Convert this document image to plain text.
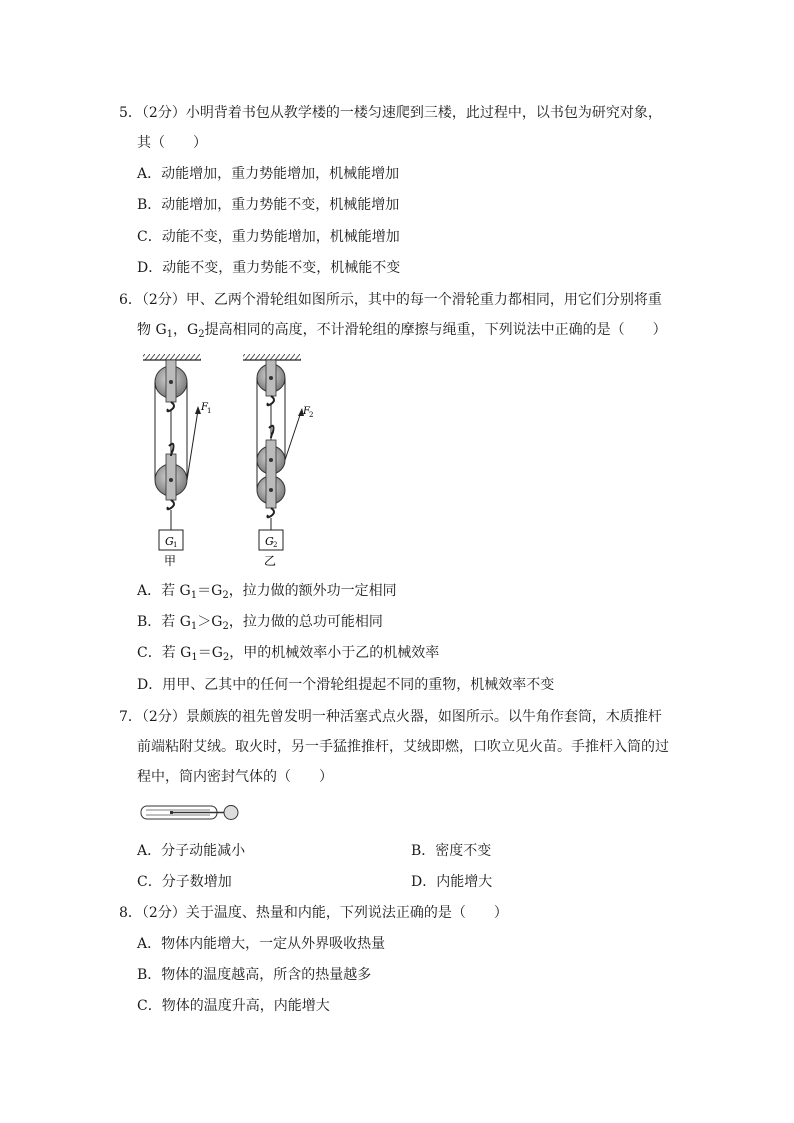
5．（2分）小明背着书包从教学楼的一楼匀速爬到三楼，此过程中，以书包为研究对象，
其（　　）
A．动能增加，重力势能增加，机械能增加
B．动能增加，重力势能不变，机械能增加
C．动能不变，重力势能增加，机械能增加
D．动能不变，重力势能不变，机械能不变
6．（2分）甲、乙两个滑轮组如图所示，其中的每一个滑轮重力都相同，用它们分别将重
物 $G_1$，$G_2$提高相同的高度，不计滑轮组的摩擦与绳重，下列说法中正确的是（　　）
G 1
甲
F 1
G 2
乙
F 2
A．若 $G_1=G_2$，拉力做的额外功一定相同
B．若 $G_1>G_2$，拉力做的总功可能相同
C．若 $G_1=G_2$，甲的机械效率小于乙的机械效率
D．用甲、乙其中的任何一个滑轮组提起不同的重物，机械效率不变
7．（2分）景颇族的祖先曾发明一种活塞式点火器，如图所示。以牛角作套筒，木质推杆
前端粘附艾绒。取火时，另一手猛推推杆，艾绒即燃，口吹立见火苗。手推杆入筒的过
程中，筒内密封气体的（　　）
A．分子动能减小	B．密度不变
C．分子数增加	D．内能增大
8．（2分）关于温度、热量和内能，下列说法正确的是（　　）
A．物体内能增大，一定从外界吸收热量
B．物体的温度越高，所含的热量越多
C．物体的温度升高，内能增大
